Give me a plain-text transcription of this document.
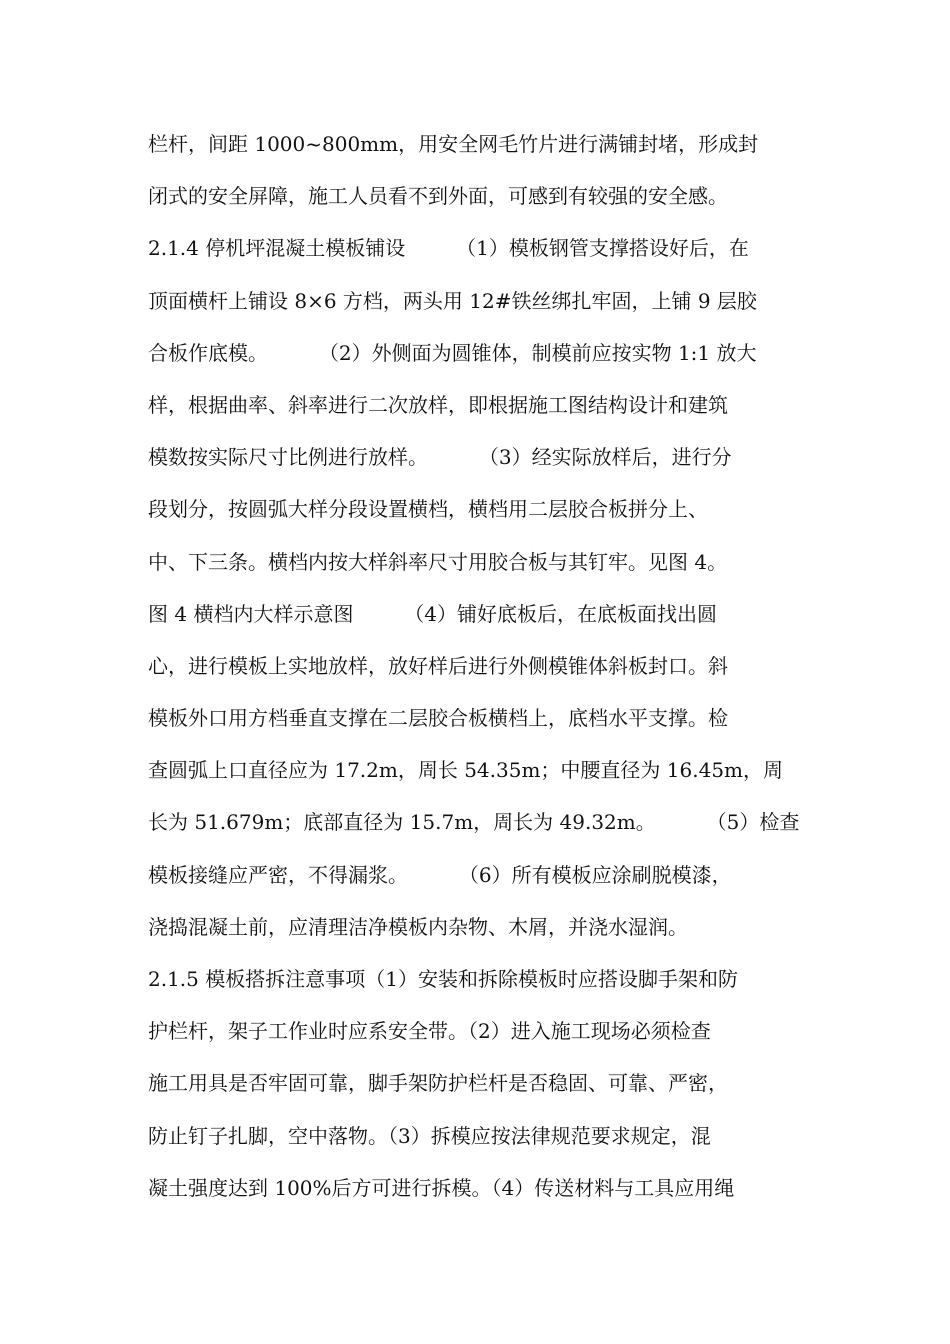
栏杆，间距 1000~800mm，用安全网毛竹片进行满铺封堵，形成封
闭式的安全屏障，施工人员看不到外面，可感到有较强的安全感。
2.1.4 停机坪混凝土模板铺设        （1）模板钢管支撑搭设好后，在
顶面横杆上铺设 8×6 方档，两头用 12#铁丝绑扎牢固，上铺 9 层胶
合板作底模。        （2）外侧面为圆锥体，制模前应按实物 1:1 放大
样，根据曲率、斜率进行二次放样，即根据施工图结构设计和建筑
模数按实际尺寸比例进行放样。        （3）经实际放样后，进行分
段划分，按圆弧大样分段设置横档，横档用二层胶合板拼分上、
中、下三条。横档内按大样斜率尺寸用胶合板与其钉牢。见图 4。
图 4 横档内大样示意图        （4）铺好底板后，在底板面找出圆
心，进行模板上实地放样，放好样后进行外侧模锥体斜板封口。斜
模板外口用方档垂直支撑在二层胶合板横档上，底档水平支撑。检
查圆弧上口直径应为 17.2m，周长 54.35m；中腰直径为 16.45m，周
长为 51.679m；底部直径为 15.7m，周长为 49.32m。        （5）检查
模板接缝应严密，不得漏浆。        （6）所有模板应涂刷脱模漆，
浇捣混凝土前，应清理洁净模板内杂物、木屑，并浇水湿润。
2.1.5 模板搭拆注意事项（1）安装和拆除模板时应搭设脚手架和防
护栏杆，架子工作业时应系安全带。（2）进入施工现场必须检查
施工用具是否牢固可靠，脚手架防护栏杆是否稳固、可靠、严密，
防止钉子扎脚，空中落物。（3）拆模应按法律规范要求规定，混
凝土强度达到 100%后方可进行拆模。（4）传送材料与工具应用绳
